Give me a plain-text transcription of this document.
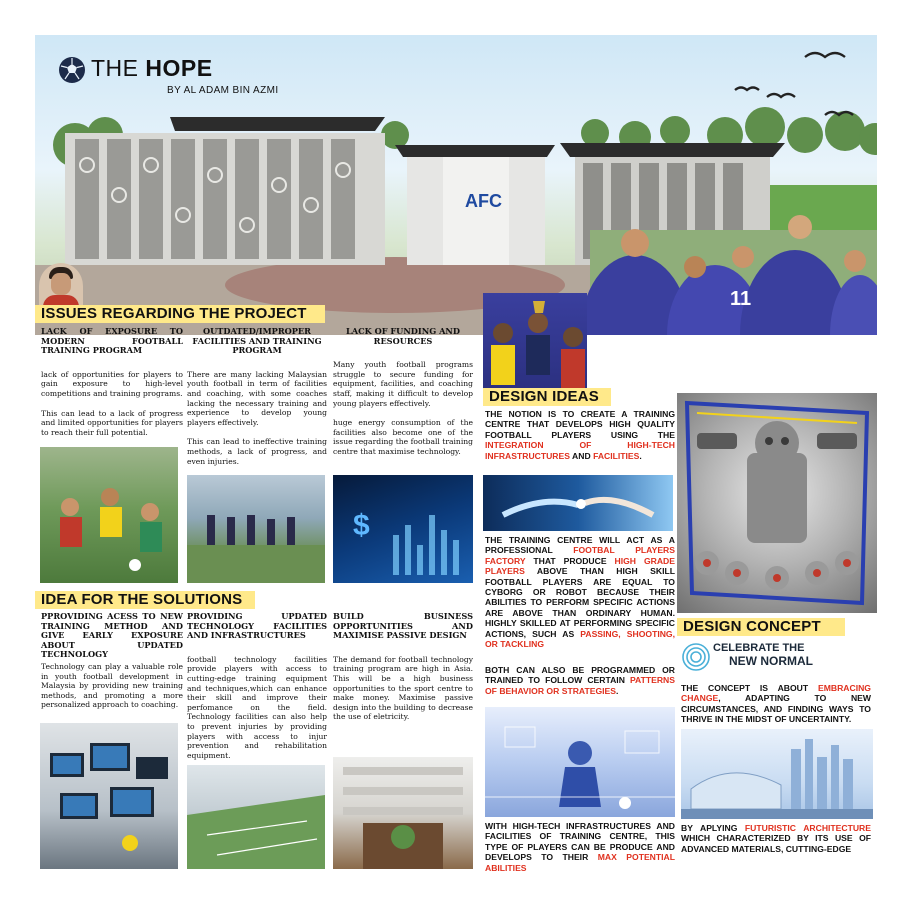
AFC
11
THE HOPE
BY AL ADAM BIN AZMI
ISSUES REGARDING THE PROJECT

LACK OF EXPOSURE TO MODERN FOOTBALL TRAINING PROGRAM

lack of opportunities for players to gain exposure to high-level competitions and training programs.

This can lead to a lack of progress and limited opportunities for players to reach their full potential.

OUTDATED/IMPROPER FACILITIES AND TRAINING PROGRAM

There are many lacking Malaysian youth football in term of facilities and coaching, with some coaches lacking the necessary training and experience to develop young players effectively.

This can lead to ineffective training methods, a lack of progress, and even injuries.

LACK OF FUNDING AND RESOURCES

Many youth football programs struggle to secure funding for equipment, facilities, and coaching staff, making it difficult to develop young players effectively.

huge energy consumption of the facilities also become one of the issue regarding the football training centre that maximise technology.

$
IDEA FOR THE SOLUTIONS

PPROVIDING ACESS TO NEW TRAINING METHOD AND GIVE EARLY EXPOSURE ABOUT UPDATED TECHNOLOGY

Technology can play a valuable role in youth football development in Malaysia by providing new training methods, and promoting a more personalized approach to coaching.

PROVIDING UPDATED TECHNOLOGY FACILITIES AND INFRASTRUCTURES

football technology facilities provide players with access to cutting-edge training equipment and techniques,which can enhance their skill and improve their perfomance on the field. Technology facilities can also help to prevent injuries by providing players with access to injur prevention and rehabilitation equipment.

BUILD BUSINESS OPPORTUNITIES AND MAXIMISE PASSIVE DESIGN

The demand for football technology training program are high in Asia. This will be a high business opportunities to the sport centre to make money. Maximise passive design into the building to decrease the use of eletricity.

DESIGN IDEAS

THE NOTION IS TO CREATE A TRAINING CENTRE THAT DEVELOPS HIGH QUALITY FOOTBALL PLAYERS USING THE INTEGRATION OF HIGH-TECH INFRASTRUCTURES AND FACILITIES.

THE TRAINING CENTRE WILL ACT AS A PROFESSIONAL FOOTBAL PLAYERS FACTORY THAT PRODUCE HIGH GRADE PLAYERS ABOVE THAN HIGH SKILL FOOTBALL PLAYERS ARE EQUAL TO CYBORG OR ROBOT BECAUSE THEIR ABILITIES TO PERFORM SPECIFIC ACTIONS ARE ABOVE THAN ORDINARY HUMAN. HIGHLY SKILLED AT PERFORMING SPECIFIC ACTIONS, SUCH AS PASSING, SHOOTING, OR TACKLING

BOTH CAN ALSO BE PROGRAMMED OR TRAINED TO FOLLOW CERTAIN PATTERNS OF BEHAVIOR OR STRATEGIES.

WITH HIGH-TECH INFRASTRUCTURES AND FACILITIES OF TRAINING CENTRE, THIS TYPE OF PLAYERS CAN BE PRODUCE AND DEVELOPS TO THEIR MAX POTENTIAL ABILITIES

DESIGN CONCEPT
CELEBRATE THE
NEW NORMAL

THE CONCEPT IS ABOUT EMBRACING CHANGE, ADAPTING TO NEW CIRCUMSTANCES, AND FINDING WAYS TO THRIVE IN THE MIDST OF UNCERTAINTY.

BY APLYING FUTURISTIC ARCHITECTURE WHICH CHARACTERIZED BY ITS USE OF ADVANCED MATERIALS, CUTTING-EDGE
